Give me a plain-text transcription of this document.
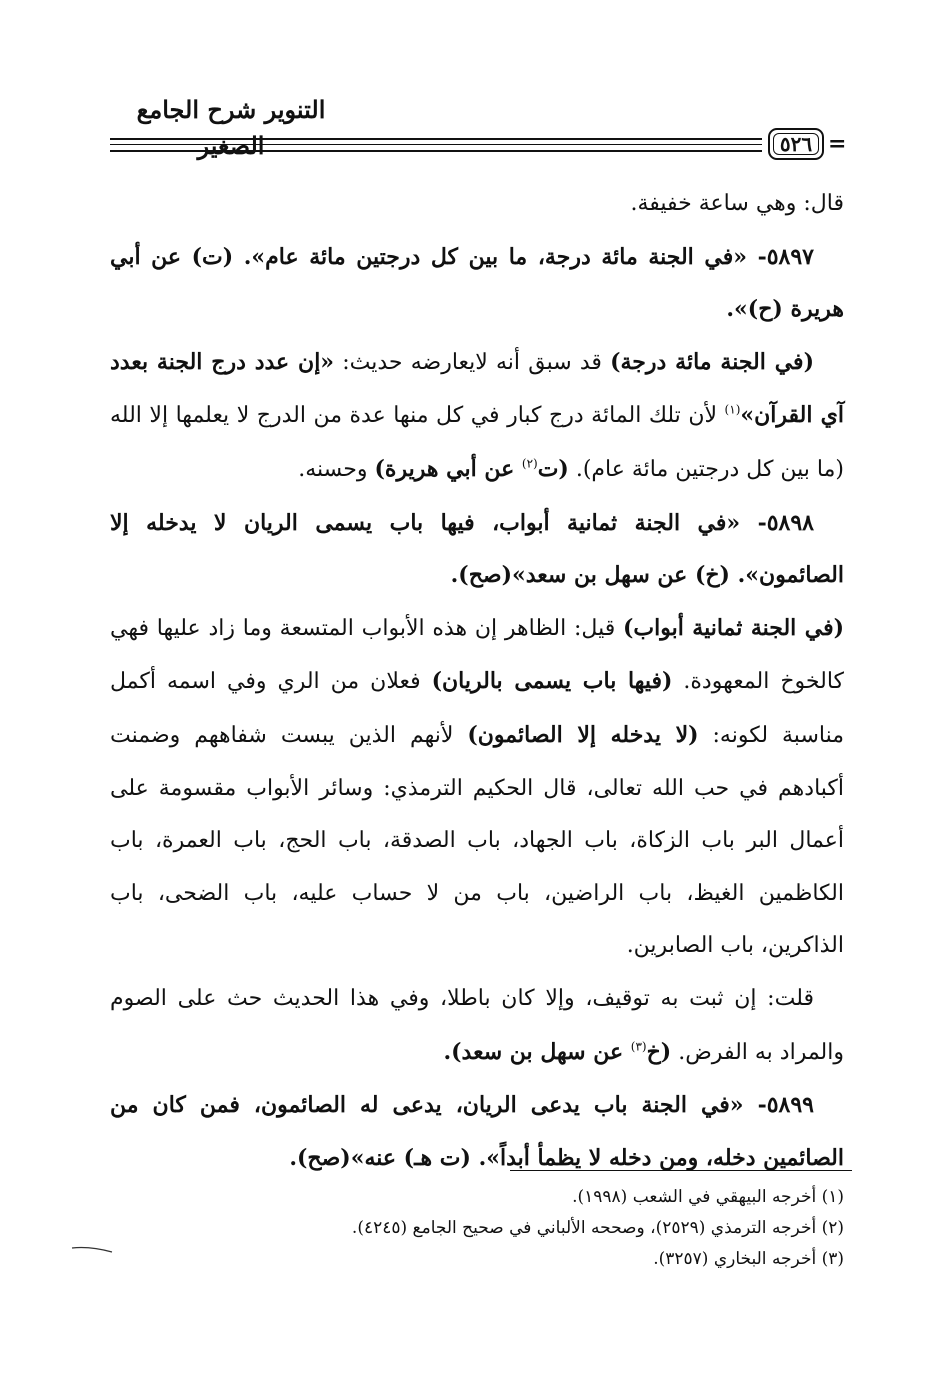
التنوير شرح الجامع الصغير	٥٢٦ =

قال: وهي ساعة خفيفة.

٥٨٩٧- «في الجنة مائة درجة، ما بين كل درجتين مائة عام». (ت) عن أبي هريرة (ح)».

(في الجنة مائة درجة) قد سبق أنه لايعارضه حديث: «إن عدد درج الجنة بعدد آي القرآن»$^{(١)}$ لأن تلك المائة درج كبار في كل منها عدة من الدرج لا يعلمها إلا الله (ما بين كل درجتين مائة عام). (ت$^{(٢)}$ عن أبي هريرة) وحسنه.

٥٨٩٨- «في الجنة ثمانية أبواب، فيها باب يسمى الريان لا يدخله إلا الصائمون». (خ) عن سهل بن سعد»(صح).

(في الجنة ثمانية أبواب) قيل: الظاهر إن هذه الأبواب المتسعة وما زاد عليها فهي كالخوخ المعهودة. (فيها باب يسمى بالريان) فعلان من الري وفي اسمه أكمل مناسبة لكونه: (لا يدخله إلا الصائمون) لأنهم الذين يبست شفاههم وضمنت أكبادهم في حب الله تعالى، قال الحكيم الترمذي: وسائر الأبواب مقسومة على أعمال البر باب الزكاة، باب الجهاد، باب الصدقة، باب الحج، باب العمرة، باب الكاظمين الغيظ، باب الراضين، باب من لا حساب عليه، باب الضحى، باب الذاكرين، باب الصابرين.

قلت: إن ثبت به توقيف، وإلا كان باطلا، وفي هذا الحديث حث على الصوم والمراد به الفرض. (خ$^{(٣)}$ عن سهل بن سعد).

٥٨٩٩- «في الجنة باب يدعى الريان، يدعى له الصائمون، فمن كان من الصائمين دخله، ومن دخله لا يظمأ أبداً». (ت هـ) عنه»(صح).

(١) أخرجه البيهقي في الشعب (١٩٩٨).
(٢) أخرجه الترمذي (٢٥٢٩)، وصححه الألباني في صحيح الجامع (٤٢٤٥).
(٣) أخرجه البخاري (٣٢٥٧).
